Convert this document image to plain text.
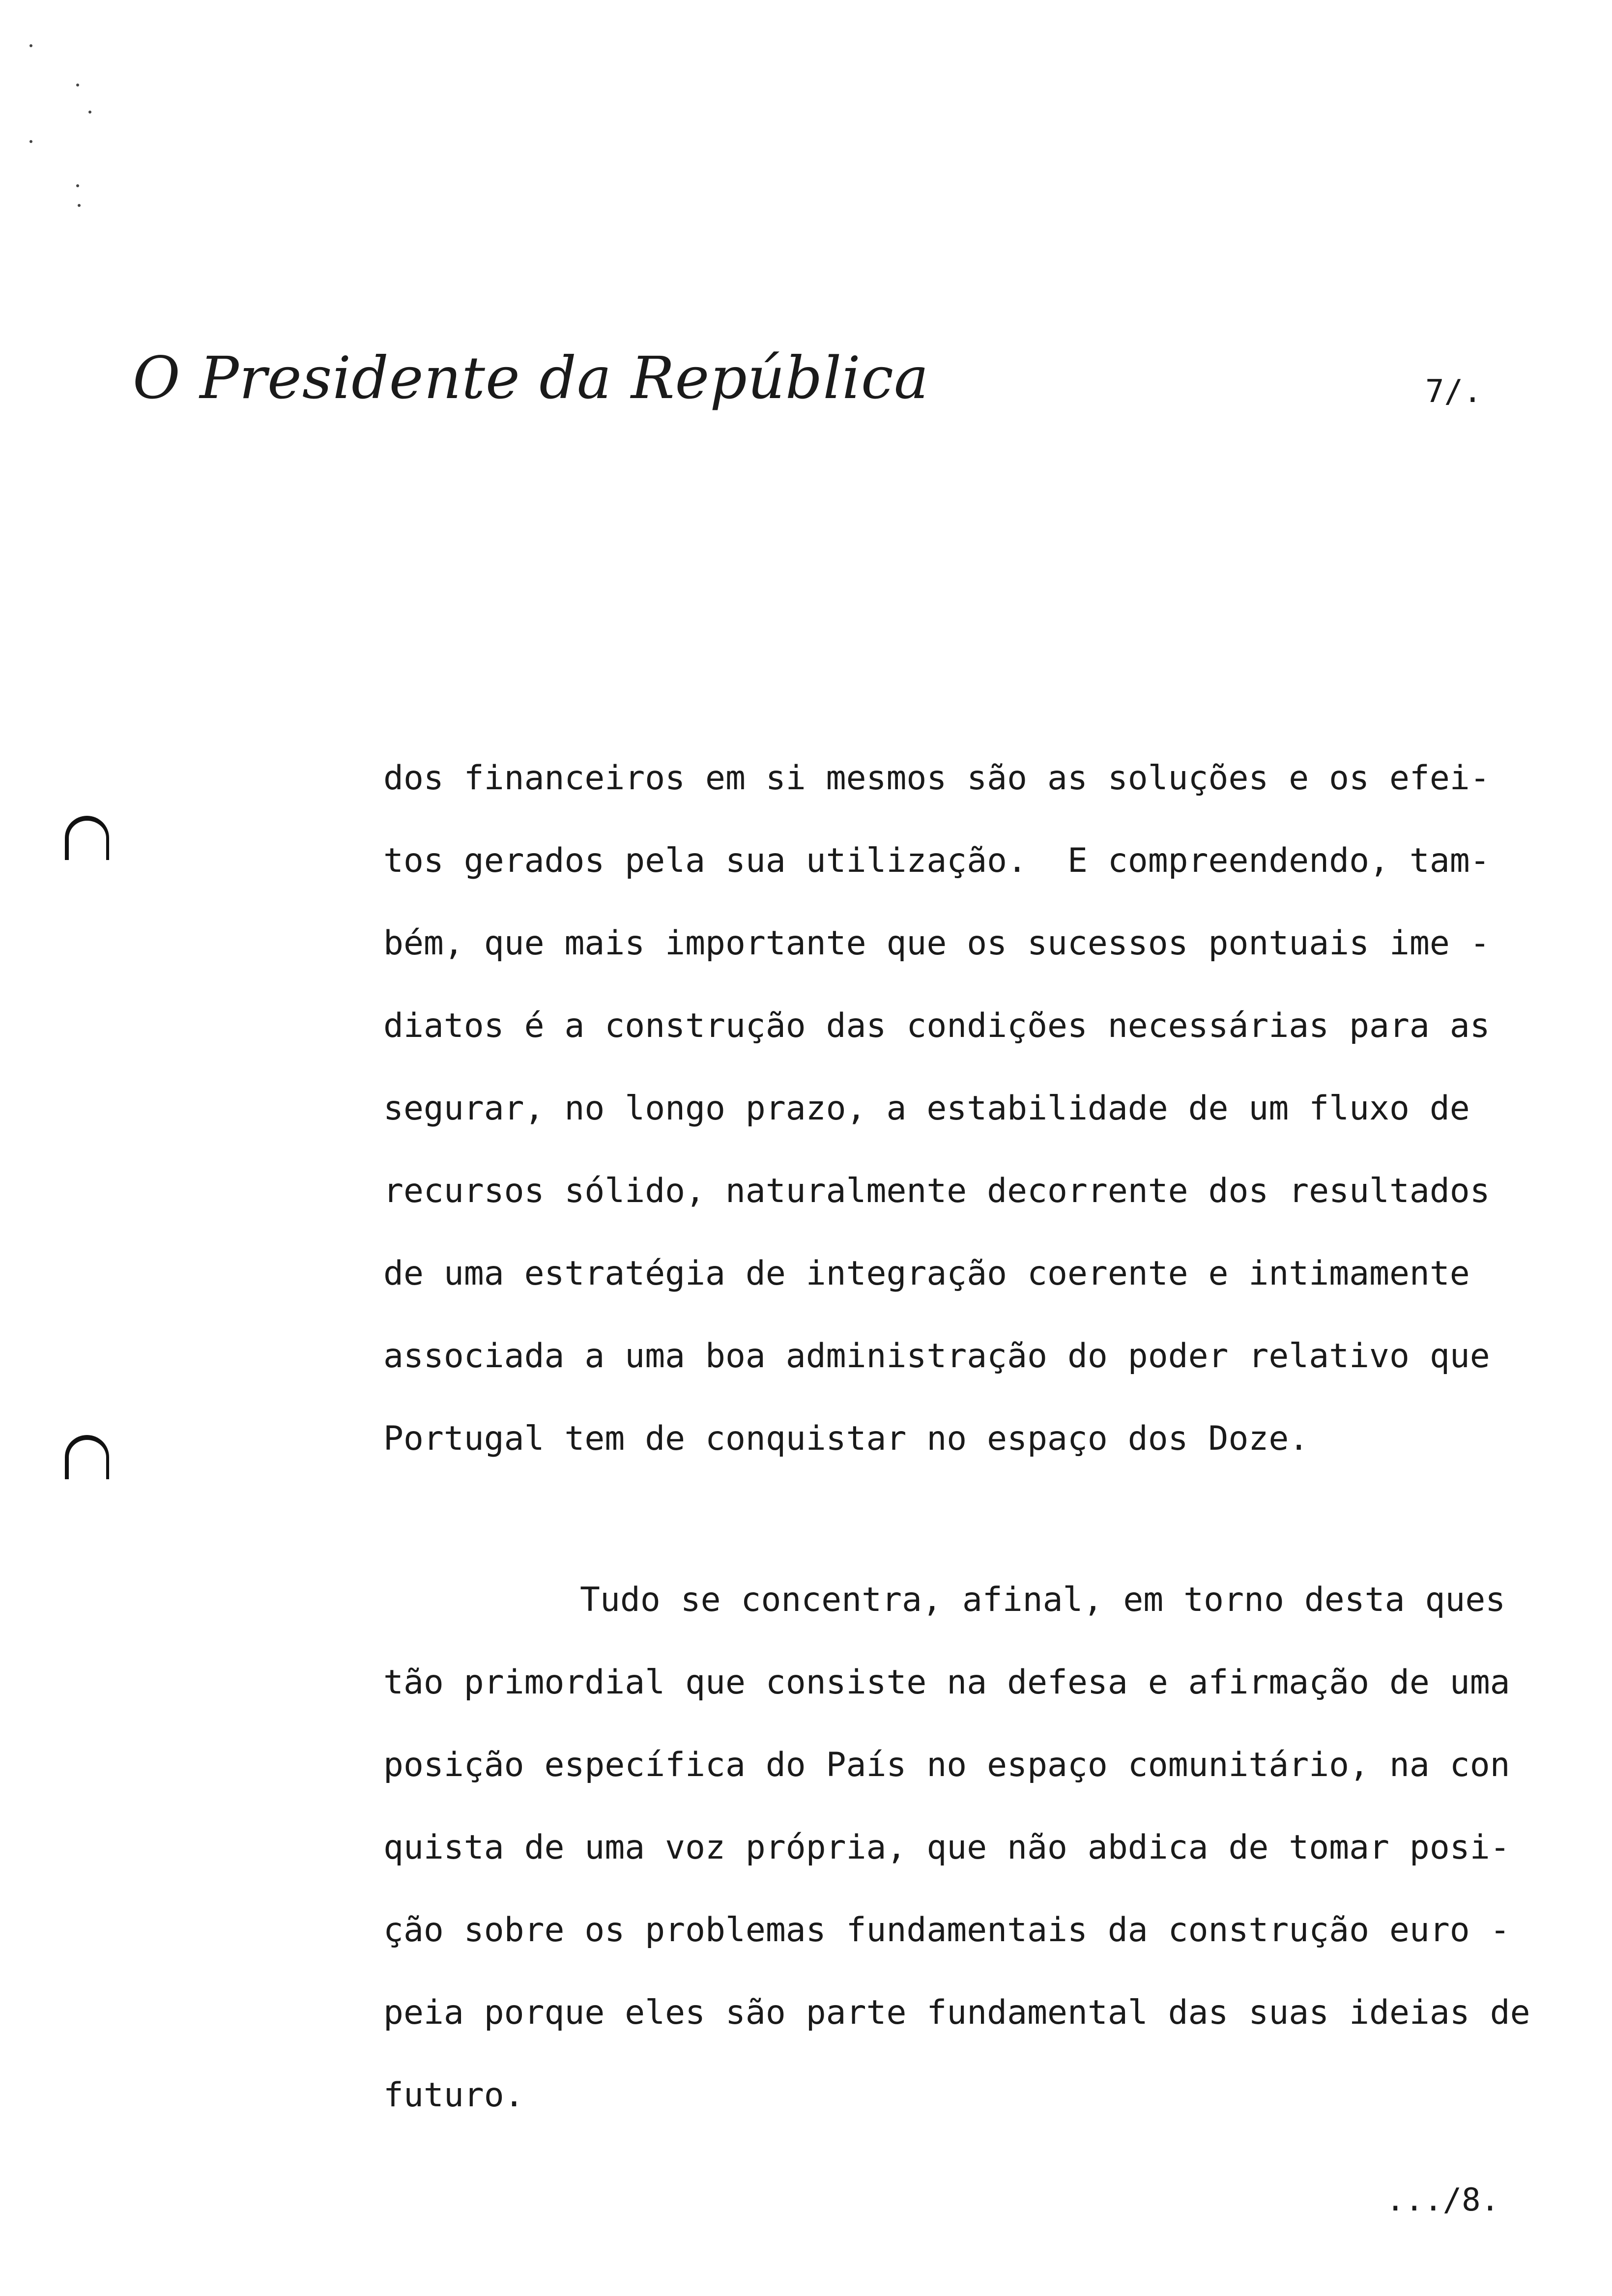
O Presidente da República	7/.
dos financeiros em si mesmos são as soluções e os efei-
tos gerados pela sua utilização.  E compreendendo, tam-
bém, que mais importante que os sucessos pontuais ime -
diatos é a construção das condições necessárias para as
segurar, no longo prazo, a estabilidade de um fluxo de
recursos sólido, naturalmente decorrente dos resultados
de uma estratégia de integração coerente e intimamente
associada a uma boa administração do poder relativo que
Portugal tem de conquistar no espaço dos Doze.
Tudo se concentra, afinal, em torno desta ques
tão primordial que consiste na defesa e afirmação de uma
posição específica do País no espaço comunitário, na con
quista de uma voz própria, que não abdica de tomar posi-
ção sobre os problemas fundamentais da construção euro -
peia porque eles são parte fundamental das suas ideias de
futuro.
.../8.
